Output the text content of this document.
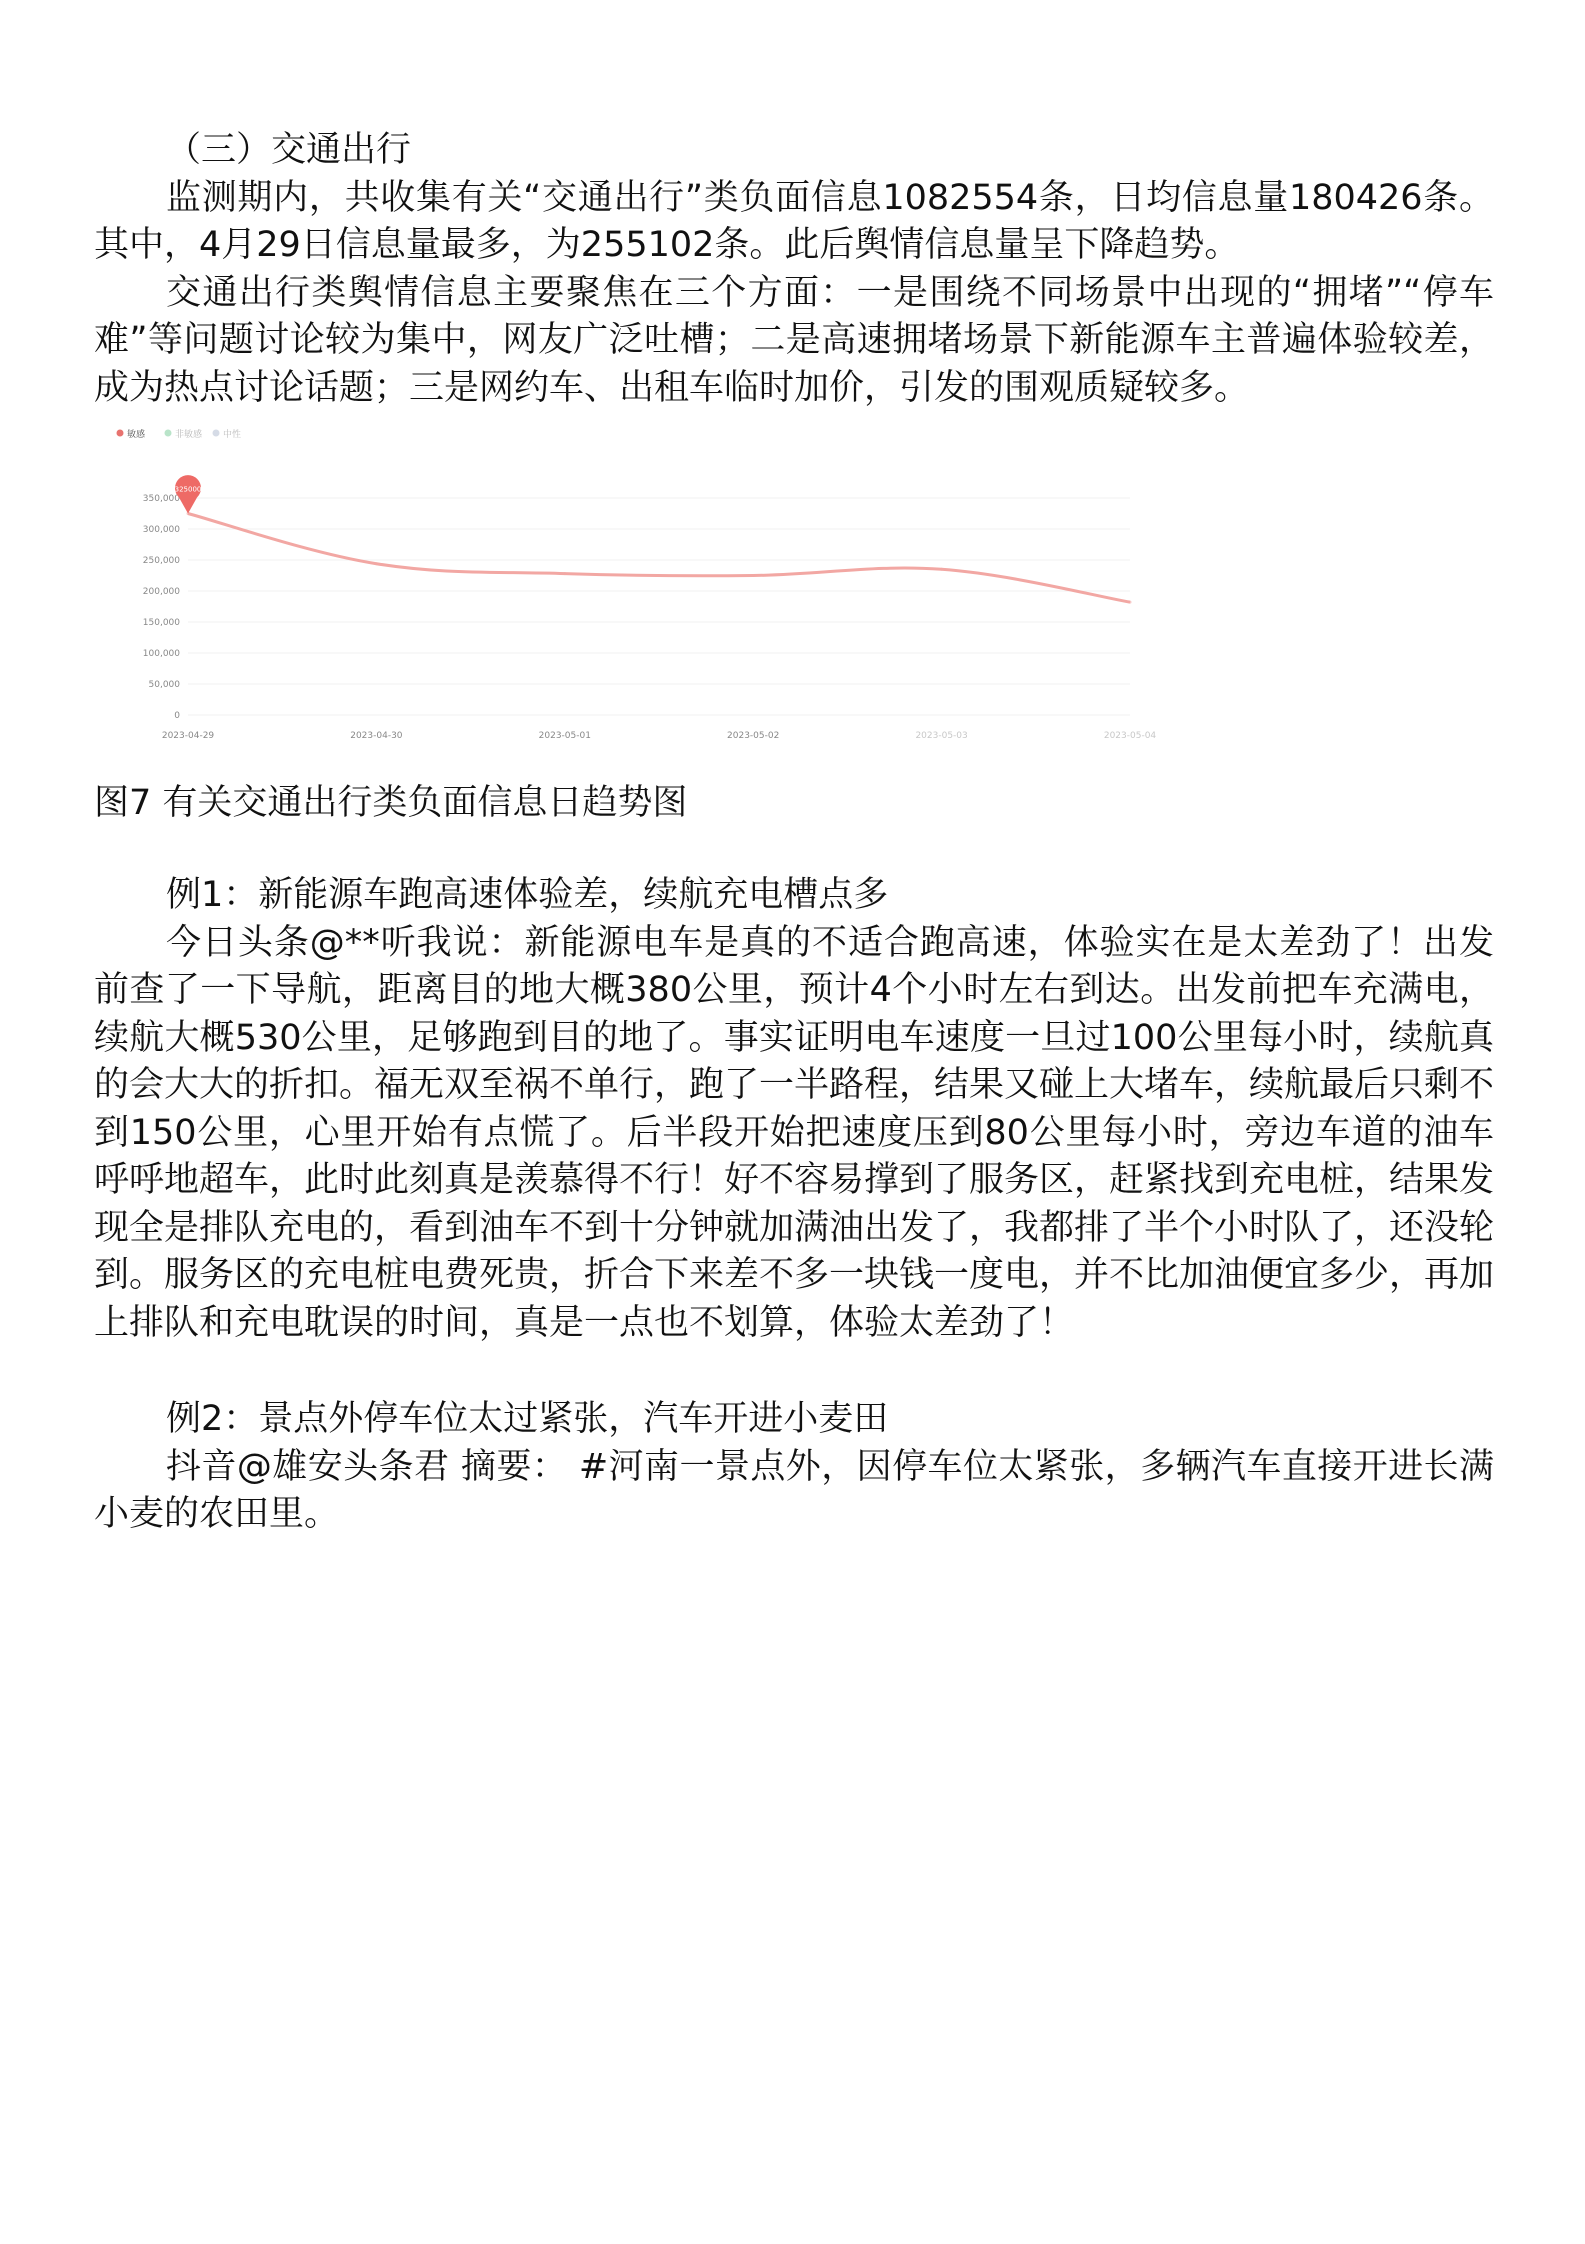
（三）交通出行

监测期内，共收集有关“交通出行”类负面信息1082554条，日均信息量180426条。其中，4月29日信息量最多，为255102条。此后舆情信息量呈下降趋势。

交通出行类舆情信息主要聚焦在三个方面：一是围绕不同场景中出现的“拥堵”“停车难”等问题讨论较为集中，网友广泛吐槽；二是高速拥堵场景下新能源车主普遍体验较差，成为热点讨论话题；三是网约车、出租车临时加价，引发的围观质疑较多。

敏感	非敏感 中性
0
50,000
100,000
150,000
200,000
250,000
300,000
350,000
2023-04-29	2023-04-30	2023-05-01	2023-05-02	2023-05-03	2023-05-04
325000

图7 有关交通出行类负面信息日趋势图

例1：新能源车跑高速体验差，续航充电槽点多

今日头条@**听我说：新能源电车是真的不适合跑高速，体验实在是太差劲了！出发前查了一下导航，距离目的地大概380公里，预计4个小时左右到达。出发前把车充满电，续航大概530公里，足够跑到目的地了。事实证明电车速度一旦过100公里每小时，续航真的会大大的折扣。福无双至祸不单行，跑了一半路程，结果又碰上大堵车，续航最后只剩不到150公里，心里开始有点慌了。后半段开始把速度压到80公里每小时，旁边车道的油车呼呼地超车，此时此刻真是羡慕得不行！好不容易撑到了服务区，赶紧找到充电桩，结果发现全是排队充电的，看到油车不到十分钟就加满油出发了，我都排了半个小时队了，还没轮到。服务区的充电桩电费死贵，折合下来差不多一块钱一度电，并不比加油便宜多少，再加上排队和充电耽误的时间，真是一点也不划算，体验太差劲了！

例2：景点外停车位太过紧张，汽车开进小麦田

抖音@雄安头条君 摘要： #河南一景点外，因停车位太紧张，多辆汽车直接开进长满小麦的农田里。
